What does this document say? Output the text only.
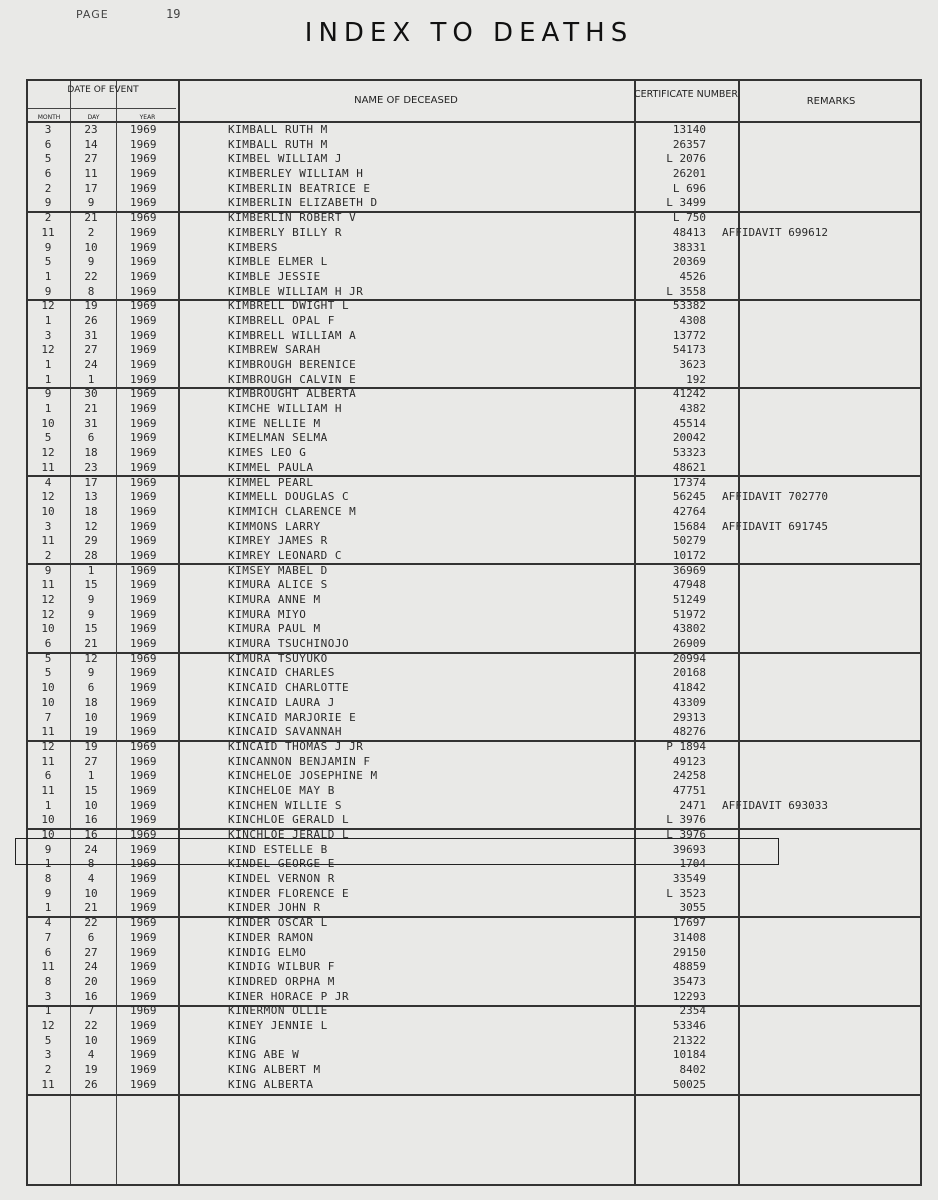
PAGE	19
INDEX TO DEATHS
DATE OF EVENT
MONTH	DAY	YEAR
NAME OF DECEASED
CERTIFICATE NUMBER
REMARKS
3	23	1969	KIMBALL RUTH M	13140
6	14	1969	KIMBALL RUTH M	26357
5	27	1969	KIMBEL WILLIAM J	L 2076
6	11	1969	KIMBERLEY WILLIAM H	26201
2	17	1969	KIMBERLIN BEATRICE E	L 696
9	9	1969	KIMBERLIN ELIZABETH D	L 3499
2	21	1969	KIMBERLIN ROBERT V	L 750
11	2	1969	KIMBERLY BILLY R	48413 AFFIDAVIT 699612
9	10	1969	KIMBERS	38331
5	9	1969	KIMBLE ELMER L	20369
1	22	1969	KIMBLE JESSIE	4526
9	8	1969	KIMBLE WILLIAM H JR	L 3558
12	19	1969	KIMBRELL DWIGHT L	53382
1	26	1969	KIMBRELL OPAL F	4308
3	31	1969	KIMBRELL WILLIAM A	13772
12	27	1969	KIMBREW SARAH	54173
1	24	1969	KIMBROUGH BERENICE	3623
1	1	1969	KIMBROUGH CALVIN E	192
9	30	1969	KIMBROUGHT ALBERTA	41242
1	21	1969	KIMCHE WILLIAM H	4382
10	31	1969	KIME NELLIE M	45514
5	6	1969	KIMELMAN SELMA	20042
12	18	1969	KIMES LEO G	53323
11	23	1969	KIMMEL PAULA	48621
4	17	1969	KIMMEL PEARL	17374
12	13	1969	KIMMELL DOUGLAS C	56245 AFFIDAVIT 702770
10	18	1969	KIMMICH CLARENCE M	42764
3	12	1969	KIMMONS LARRY	15684 AFFIDAVIT 691745
11	29	1969	KIMREY JAMES R	50279
2	28	1969	KIMREY LEONARD C	10172
9	1	1969	KIMSEY MABEL D	36969
11	15	1969	KIMURA ALICE S	47948
12	9	1969	KIMURA ANNE M	51249
12	9	1969	KIMURA MIYO	51972
10	15	1969	KIMURA PAUL M	43802
6	21	1969	KIMURA TSUCHINOJO	26909
5	12	1969	KIMURA TSUYUKO	20994
5	9	1969	KINCAID CHARLES	20168
10	6	1969	KINCAID CHARLOTTE	41842
10	18	1969	KINCAID LAURA J	43309
7	10	1969	KINCAID MARJORIE E	29313
11	19	1969	KINCAID SAVANNAH	48276
12	19	1969	KINCAID THOMAS J JR	P 1894
11	27	1969	KINCANNON BENJAMIN F	49123
6	1	1969	KINCHELOE JOSEPHINE M	24258
11	15	1969	KINCHELOE MAY B	47751
1	10	1969	KINCHEN WILLIE S	2471 AFFIDAVIT 693033
10	16	1969	KINCHLOE GERALD L	L 3976
10	16	1969	KINCHLOE JERALD L	L 3976
9	24	1969	KIND ESTELLE B	39693
1	8	1969	KINDEL GEORGE E	1704
8	4	1969	KINDEL VERNON R	33549
9	10	1969	KINDER FLORENCE E	L 3523
1	21	1969	KINDER JOHN R	3055
4	22	1969	KINDER OSCAR L	17697
7	6	1969	KINDER RAMON	31408
6	27	1969	KINDIG ELMO	29150
11	24	1969	KINDIG WILBUR F	48859
8	20	1969	KINDRED ORPHA M	35473
3	16	1969	KINER HORACE P JR	12293
1	7	1969	KINERMON OLLIE	2354
12	22	1969	KINEY JENNIE L	53346
5	10	1969	KING	21322
3	4	1969	KING ABE W	10184
2	19	1969	KING ALBERT M	8402
11	26	1969	KING ALBERTA	50025
